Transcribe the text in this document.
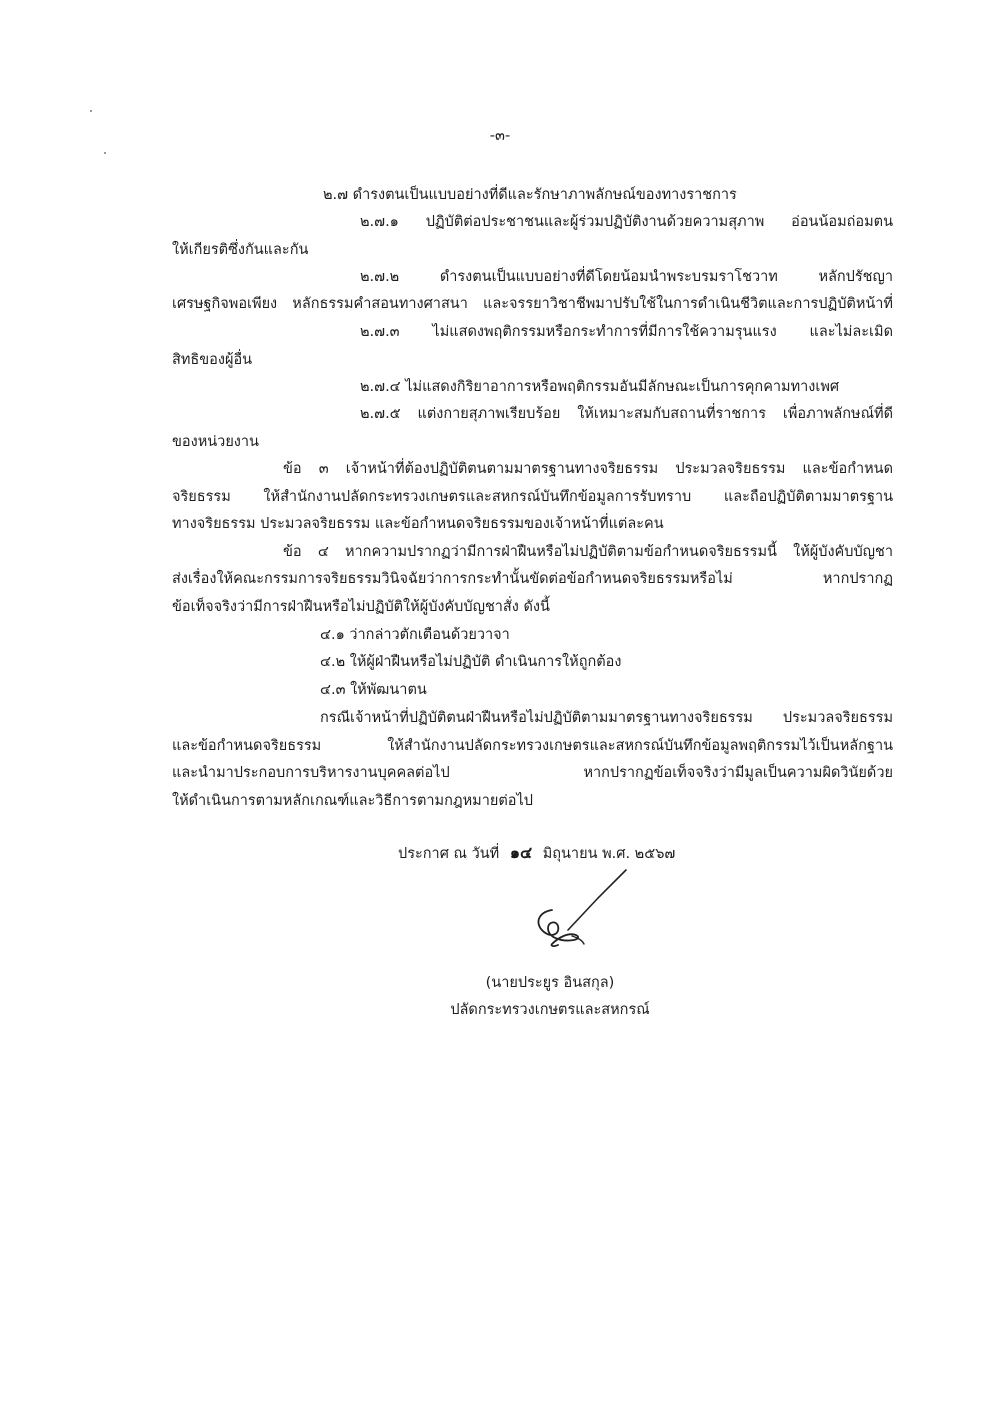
-๓-
๒.๗ ดำรงตนเป็นแบบอย่างที่ดีและรักษาภาพลักษณ์ของทางราชการ
๒.๗.๑ ปฏิบัติต่อประชาชนและผู้ร่วมปฏิบัติงานด้วยความสุภาพ อ่อนน้อมถ่อมตน
ให้เกียรติซึ่งกันและกัน
๒.๗.๒ ดำรงตนเป็นแบบอย่างที่ดีโดยน้อมนำพระบรมราโชวาท หลักปรัชญา
เศรษฐกิจพอเพียง หลักธรรมคำสอนทางศาสนา และจรรยาวิชาชีพมาปรับใช้ในการดำเนินชีวิตและการปฏิบัติหน้าที่
๒.๗.๓ ไม่แสดงพฤติกรรมหรือกระทำการที่มีการใช้ความรุนแรง และไม่ละเมิด
สิทธิของผู้อื่น
๒.๗.๔ ไม่แสดงกิริยาอาการหรือพฤติกรรมอันมีลักษณะเป็นการคุกคามทางเพศ
๒.๗.๕ แต่งกายสุภาพเรียบร้อย ให้เหมาะสมกับสถานที่ราชการ เพื่อภาพลักษณ์ที่ดี
ของหน่วยงาน
ข้อ ๓ เจ้าหน้าที่ต้องปฏิบัติตนตามมาตรฐานทางจริยธรรม ประมวลจริยธรรม และข้อกำหนด
จริยธรรม ให้สำนักงานปลัดกระทรวงเกษตรและสหกรณ์บันทึกข้อมูลการรับทราบ และถือปฏิบัติตามมาตรฐาน
ทางจริยธรรม ประมวลจริยธรรม และข้อกำหนดจริยธรรมของเจ้าหน้าที่แต่ละคน
ข้อ ๔ หากความปรากฏว่ามีการฝ่าฝืนหรือไม่ปฏิบัติตามข้อกำหนดจริยธรรมนี้ ให้ผู้บังคับบัญชา
ส่งเรื่องให้คณะกรรมการจริยธรรมวินิจฉัยว่าการกระทำนั้นขัดต่อข้อกำหนดจริยธรรมหรือไม่ หากปรากฏ
ข้อเท็จจริงว่ามีการฝ่าฝืนหรือไม่ปฏิบัติให้ผู้บังคับบัญชาสั่ง ดังนี้
๔.๑ ว่ากล่าวตักเตือนด้วยวาจา
๔.๒ ให้ผู้ฝ่าฝืนหรือไม่ปฏิบัติ ดำเนินการให้ถูกต้อง
๔.๓ ให้พัฒนาตน
กรณีเจ้าหน้าที่ปฏิบัติตนฝ่าฝืนหรือไม่ปฏิบัติตามมาตรฐานทางจริยธรรม ประมวลจริยธรรม
และข้อกำหนดจริยธรรม ให้สำนักงานปลัดกระทรวงเกษตรและสหกรณ์บันทึกข้อมูลพฤติกรรมไว้เป็นหลักฐาน
และนำมาประกอบการบริหารงานบุคคลต่อไป หากปรากฏข้อเท็จจริงว่ามีมูลเป็นความผิดวินัยด้วย
ให้ดำเนินการตามหลักเกณฑ์และวิธีการตามกฎหมายต่อไป
ประกาศ ณ วันที่ ๑๔ มิถุนายน พ.ศ. ๒๕๖๗
(นายประยูร อินสกุล)
ปลัดกระทรวงเกษตรและสหกรณ์
